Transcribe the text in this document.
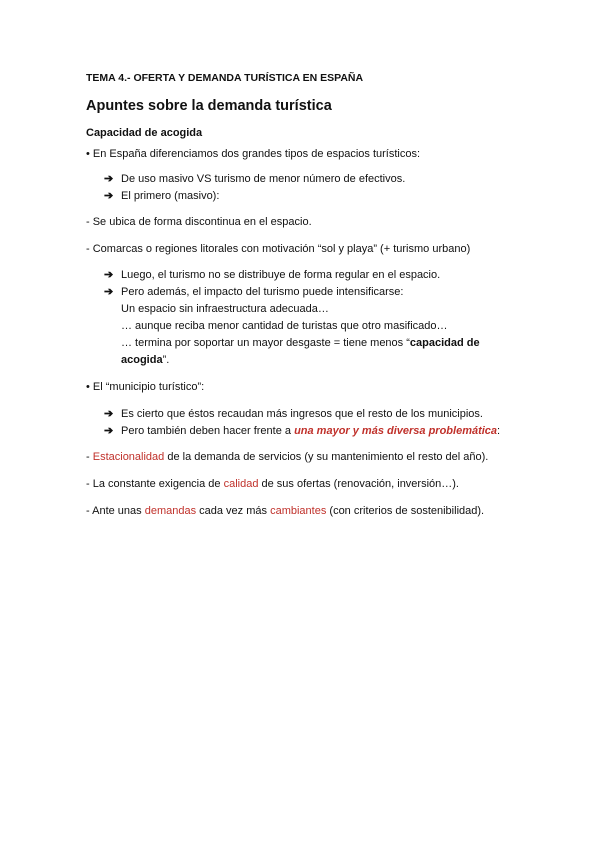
TEMA 4.- OFERTA Y DEMANDA TURÍSTICA EN ESPAÑA

Apuntes sobre la demanda turística

Capacidad de acogida

• En España diferenciamos dos grandes tipos de espacios turísticos:

➔ De uso masivo VS turismo de menor número de efectivos.
➔ El primero (masivo):

- Se ubica de forma discontinua en el espacio.

- Comarcas o regiones litorales con motivación “sol y playa” (+ turismo urbano)

➔ Luego, el turismo no se distribuye de forma regular en el espacio.
➔ Pero además, el impacto del turismo puede intensificarse:
Un espacio sin infraestructura adecuada…
… aunque reciba menor cantidad de turistas que otro masificado…
… termina por soportar un mayor desgaste = tiene menos “capacidad de acogida”.

• El “municipio turístico”:

➔ Es cierto que éstos recaudan más ingresos que el resto de los municipios.
➔ Pero también deben hacer frente a una mayor y más diversa problemática:

- Estacionalidad de la demanda de servicios (y su mantenimiento el resto del año).

- La constante exigencia de calidad de sus ofertas (renovación, inversión…).

- Ante unas demandas cada vez más cambiantes (con criterios de sostenibilidad).
